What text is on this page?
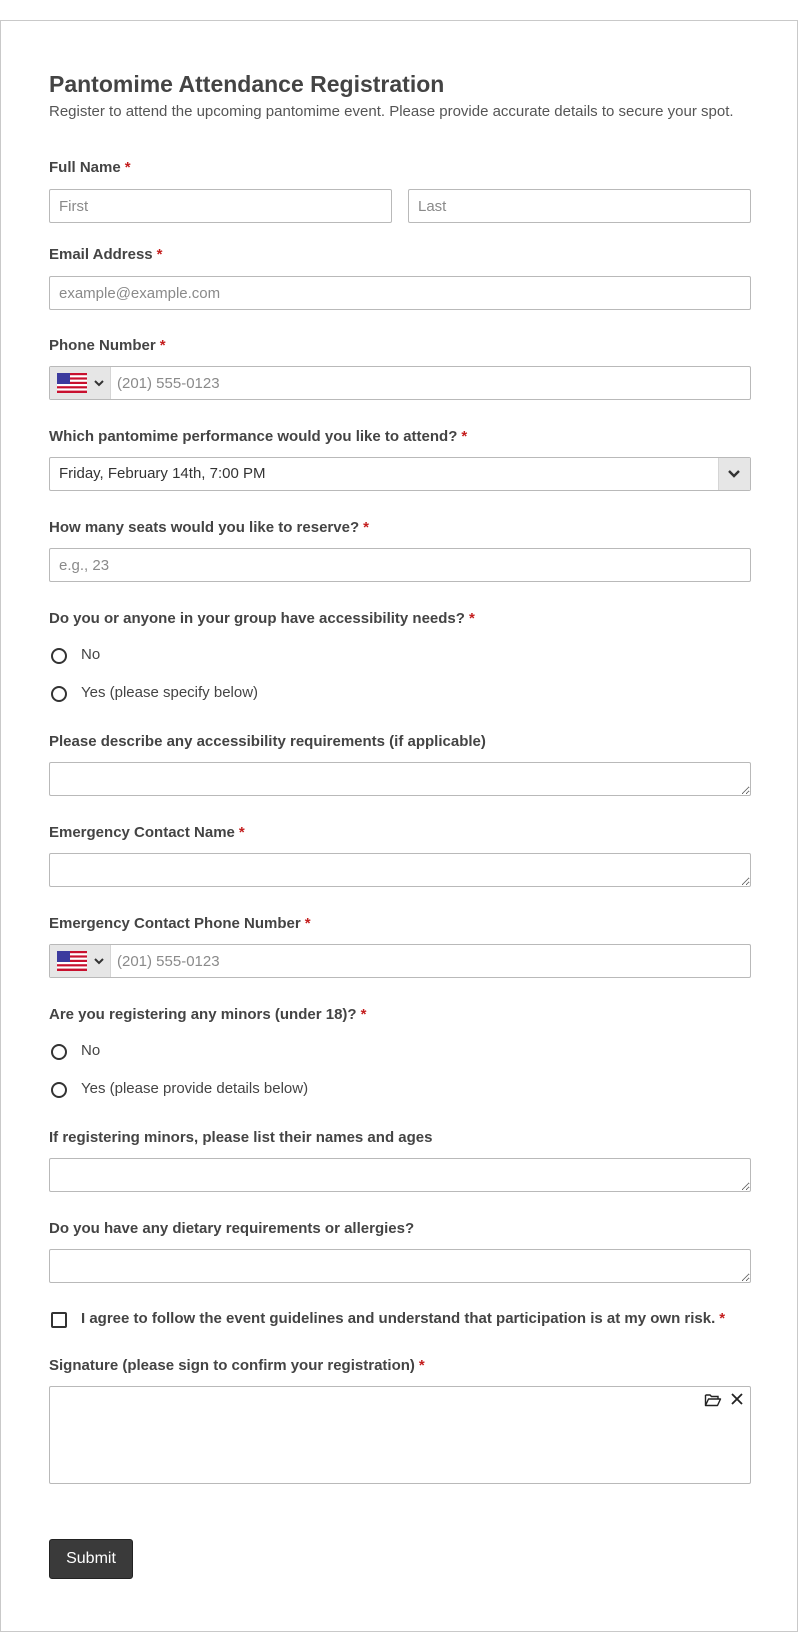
Pantomime Attendance Registration

Register to attend the upcoming pantomime event. Please provide accurate details to secure your spot.

Full Name *
First
Last
Email Address *
example@example.com
Phone Number *
(201) 555-0123
Which pantomime performance would you like to attend? *
Friday, February 14th, 7:00 PM
How many seats would you like to reserve? *
e.g., 23
Do you or anyone in your group have accessibility needs? *
No
Yes (please specify below)
Please describe any accessibility requirements (if applicable)
Emergency Contact Name *
Emergency Contact Phone Number *
(201) 555-0123
Are you registering any minors (under 18)? *
No
Yes (please provide details below)
If registering minors, please list their names and ages
Do you have any dietary requirements or allergies?
I agree to follow the event guidelines and understand that participation is at my own risk. *
Signature (please sign to confirm your registration) *
Submit
